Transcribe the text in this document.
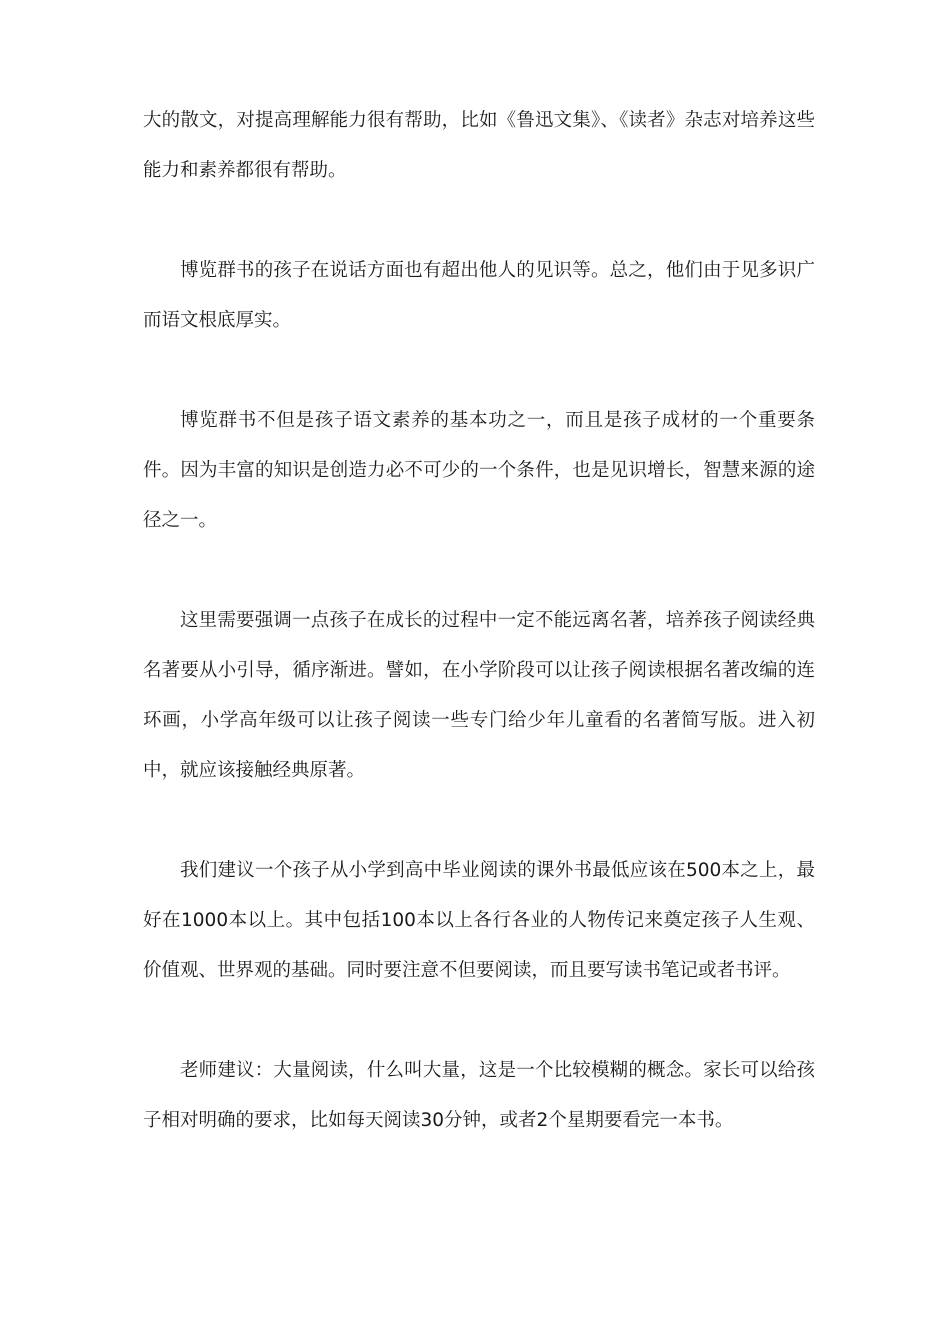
大的散文，对提高理解能力很有帮助，比如《鲁迅文集》、《读者》杂志对培养这些能力和素养都很有帮助。

博览群书的孩子在说话方面也有超出他人的见识等。总之，他们由于见多识广而语文根底厚实。

博览群书不但是孩子语文素养的基本功之一，而且是孩子成材的一个重要条件。因为丰富的知识是创造力必不可少的一个条件，也是见识增长，智慧来源的途径之一。

这里需要强调一点孩子在成长的过程中一定不能远离名著，培养孩子阅读经典名著要从小引导，循序渐进。譬如，在小学阶段可以让孩子阅读根据名著改编的连环画，小学高年级可以让孩子阅读一些专门给少年儿童看的名著简写版。进入初中，就应该接触经典原著。

我们建议一个孩子从小学到高中毕业阅读的课外书最低应该在500本之上，最好在1000本以上。其中包括100本以上各行各业的人物传记来奠定孩子人生观、价值观、世界观的基础。同时要注意不但要阅读，而且要写读书笔记或者书评。

老师建议：大量阅读，什么叫大量，这是一个比较模糊的概念。家长可以给孩子相对明确的要求，比如每天阅读30分钟，或者2个星期要看完一本书。
